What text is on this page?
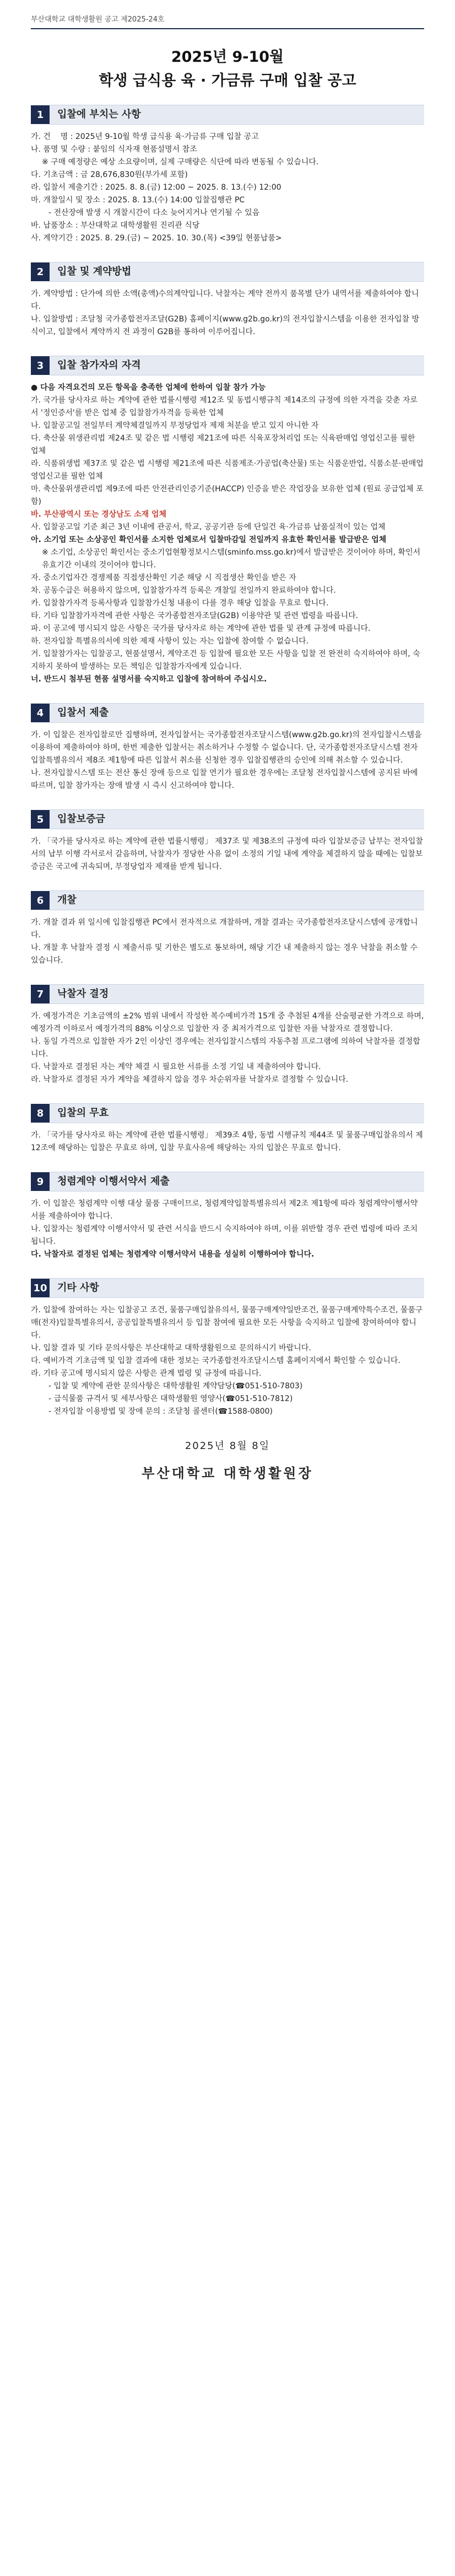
부산대학교 대학생활원 공고 제2025-24호
2025년 9-10월
학생 급식용 육 · 가금류 구매 입찰 공고
1	입찰에 부치는 사항
가. 건    명 : 2025년 9-10월 학생 급식용 육·가금류 구매 입찰 공고
나. 품명 및 수량 : 붙임의 식자재 현품설명서 참조
※ 구매 예정량은 예상 소요량이며, 실제 구매량은 식단에 따라 변동될 수 있습니다.
다. 기초금액 : 금 28,676,830원(부가세 포함)
라. 입찰서 제출기간 : 2025. 8. 8.(금) 12:00 ~ 2025. 8. 13.(수) 12:00
마. 개찰일시 및 장소 : 2025. 8. 13.(수) 14:00 입찰집행관 PC
- 전산장애 발생 시 개찰시간이 다소 늦어지거나 연기될 수 있음
바. 납품장소 : 부산대학교 대학생활원 진리관 식당
사. 계약기간 : 2025. 8. 29.(금) ~ 2025. 10. 30.(목) <39일 현품납품>
2	입찰 및 계약방법
가. 계약방법 : 단가에 의한 소액(총액)수의계약입니다. 낙찰자는 계약 전까지 품목별 단가 내역서를 제출하여야 합니다.
나. 입찰방법 : 조달청 국가종합전자조달(G2B) 홈페이지(www.g2b.go.kr)의 전자입찰시스템을 이용한 전자입찰 방식이고, 입찰에서 계약까지 전 과정이 G2B를 통하여 이루어집니다.
3	입찰 참가자의 자격
● 다음 자격요건의 모든 항목을 충족한 업체에 한하여 입찰 참가 가능
가. 국가를 당사자로 하는 계약에 관한 법률시행령 제12조 및 동법시행규칙 제14조의 규정에 의한 자격을 갖춘 자로서 '정인증서'를 받은 업체 중 입찰참가자격을 등록한 업체
나. 입찰공고일 전일부터 계약체결일까지 부정당업자 제재 처분을 받고 있지 아니한 자
다. 축산물 위생관리법 제24조 및 같은 법 시행령 제21조에 따른 식육포장처리업 또는 식육판매업 영업신고를 필한 업체
라. 식품위생법 제37조 및 같은 법 시행령 제21조에 따른 식품제조·가공업(축산물) 또는 식품운반업, 식품소분·판매업 영업신고를 필한 업체
마. 축산물위생관리법 제9조에 따른 안전관리인증기준(HACCP) 인증을 받은 작업장을 보유한 업체 (원료 공급업체 포함)
바. 부산광역시 또는 경상남도 소재 업체
사. 입찰공고일 기준 최근 3년 이내에 관공서, 학교, 공공기관 등에 단일건 육·가금류 납품실적이 있는 업체
아. 소기업 또는 소상공인 확인서를 소지한 업체로서 입찰마감일 전일까지 유효한 확인서를 발급받은 업체
※ 소기업, 소상공인 확인서는 중소기업현황정보시스템(sminfo.mss.go.kr)에서 발급받은 것이어야 하며, 확인서 유효기간 이내의 것이어야 합니다.
자. 중소기업자간 경쟁제품 직접생산확인 기준 해당 시 직접생산 확인을 받은 자
차. 공동수급은 허용하지 않으며, 입찰참가자격 등록은 개찰일 전일까지 완료하여야 합니다.
카. 입찰참가자격 등록사항과 입찰참가신청 내용이 다를 경우 해당 입찰을 무효로 합니다.
타. 기타 입찰참가자격에 관한 사항은 국가종합전자조달(G2B) 이용약관 및 관련 법령을 따릅니다.
파. 이 공고에 명시되지 않은 사항은 국가를 당사자로 하는 계약에 관한 법률 및 관계 규정에 따릅니다.
하. 전자입찰 특별유의서에 의한 제재 사항이 있는 자는 입찰에 참여할 수 없습니다.
거. 입찰참가자는 입찰공고, 현품설명서, 계약조건 등 입찰에 필요한 모든 사항을 입찰 전 완전히 숙지하여야 하며, 숙지하지 못하여 발생하는 모든 책임은 입찰참가자에게 있습니다.
너. 반드시 첨부된 현품 설명서를 숙지하고 입찰에 참여하여 주십시오.
4	입찰서 제출
가. 이 입찰은 전자입찰로만 집행하며, 전자입찰서는 국가종합전자조달시스템(www.g2b.go.kr)의 전자입찰시스템을 이용하여 제출하여야 하며, 한번 제출한 입찰서는 취소하거나 수정할 수 없습니다. 단, 국가종합전자조달시스템 전자입찰특별유의서 제8조 제1항에 따른 입찰서 취소를 신청한 경우 입찰집행관의 승인에 의해 취소할 수 있습니다.
나. 전자입찰시스템 또는 전산 통신 장애 등으로 입찰 연기가 필요한 경우에는 조달청 전자입찰시스템에 공지된 바에 따르며, 입찰 참가자는 장애 발생 시 즉시 신고하여야 합니다.
5	입찰보증금
가. 「국가를 당사자로 하는 계약에 관한 법률시행령」 제37조 및 제38조의 규정에 따라 입찰보증금 납부는 전자입찰서의 납부 이행 각서로서 갈음하며, 낙찰자가 정당한 사유 없이 소정의 기일 내에 계약을 체결하지 않을 때에는 입찰보증금은 국고에 귀속되며, 부정당업자 제재를 받게 됩니다.
6	개찰
가. 개찰 결과 위 일시에 입찰집행관 PC에서 전자적으로 개찰하며, 개찰 결과는 국가종합전자조달시스템에 공개합니다.
나. 개찰 후 낙찰자 결정 시 제출서류 및 기한은 별도로 통보하며, 해당 기간 내 제출하지 않는 경우 낙찰을 취소할 수 있습니다.
7	낙찰자 결정
가. 예정가격은 기초금액의 ±2% 범위 내에서 작성한 복수예비가격 15개 중 추첨된 4개를 산술평균한 가격으로 하며, 예정가격 이하로서 예정가격의 88% 이상으로 입찰한 자 중 최저가격으로 입찰한 자를 낙찰자로 결정합니다.
나. 동일 가격으로 입찰한 자가 2인 이상인 경우에는 전자입찰시스템의 자동추첨 프로그램에 의하여 낙찰자를 결정합니다.
다. 낙찰자로 결정된 자는 계약 체결 시 필요한 서류를 소정 기일 내 제출하여야 합니다.
라. 낙찰자로 결정된 자가 계약을 체결하지 않을 경우 차순위자를 낙찰자로 결정할 수 있습니다.
8	입찰의 무효
가. 「국가를 당사자로 하는 계약에 관한 법률시행령」 제39조 4항, 동법 시행규칙 제44조 및 물품구매입찰유의서 제12조에 해당하는 입찰은 무효로 하며, 입찰 무효사유에 해당하는 자의 입찰은 무효로 합니다.
9	청렴계약 이행서약서 제출
가. 이 입찰은 청렴계약 이행 대상 물품 구매이므로, 청렴계약입찰특별유의서 제2조 제1항에 따라 청렴계약이행서약서를 제출하여야 합니다.
나. 입찰자는 청렴계약 이행서약서 및 관련 서식을 반드시 숙지하여야 하며, 이를 위반할 경우 관련 법령에 따라 조치됩니다.
다. 낙찰자로 결정된 업체는 청렴계약 이행서약서 내용을 성실히 이행하여야 합니다.
10	기타 사항
가. 입찰에 참여하는 자는 입찰공고 조건, 물품구매입찰유의서, 물품구매계약일반조건, 물품구매계약특수조건, 물품구매(전자)입찰특별유의서, 공공입찰특별유의서 등 입찰 참여에 필요한 모든 사항을 숙지하고 입찰에 참여하여야 합니다.
나. 입찰 결과 및 기타 문의사항은 부산대학교 대학생활원으로 문의하시기 바랍니다.
다. 예비가격 기초금액 및 입찰 결과에 대한 정보는 국가종합전자조달시스템 홈페이지에서 확인할 수 있습니다.
라. 기타 공고에 명시되지 않은 사항은 관계 법령 및 규정에 따릅니다.
- 입찰 및 계약에 관한 문의사항은 대학생활원 계약담당(☎051-510-7803)
- 급식물품 규격서 및 세부사항은 대학생활원 영양사(☎051-510-7812)
- 전자입찰 이용방법 및 장애 문의 : 조달청 콜센터(☎1588-0800)
2025년 8월 8일
부산대학교 대학생활원장
